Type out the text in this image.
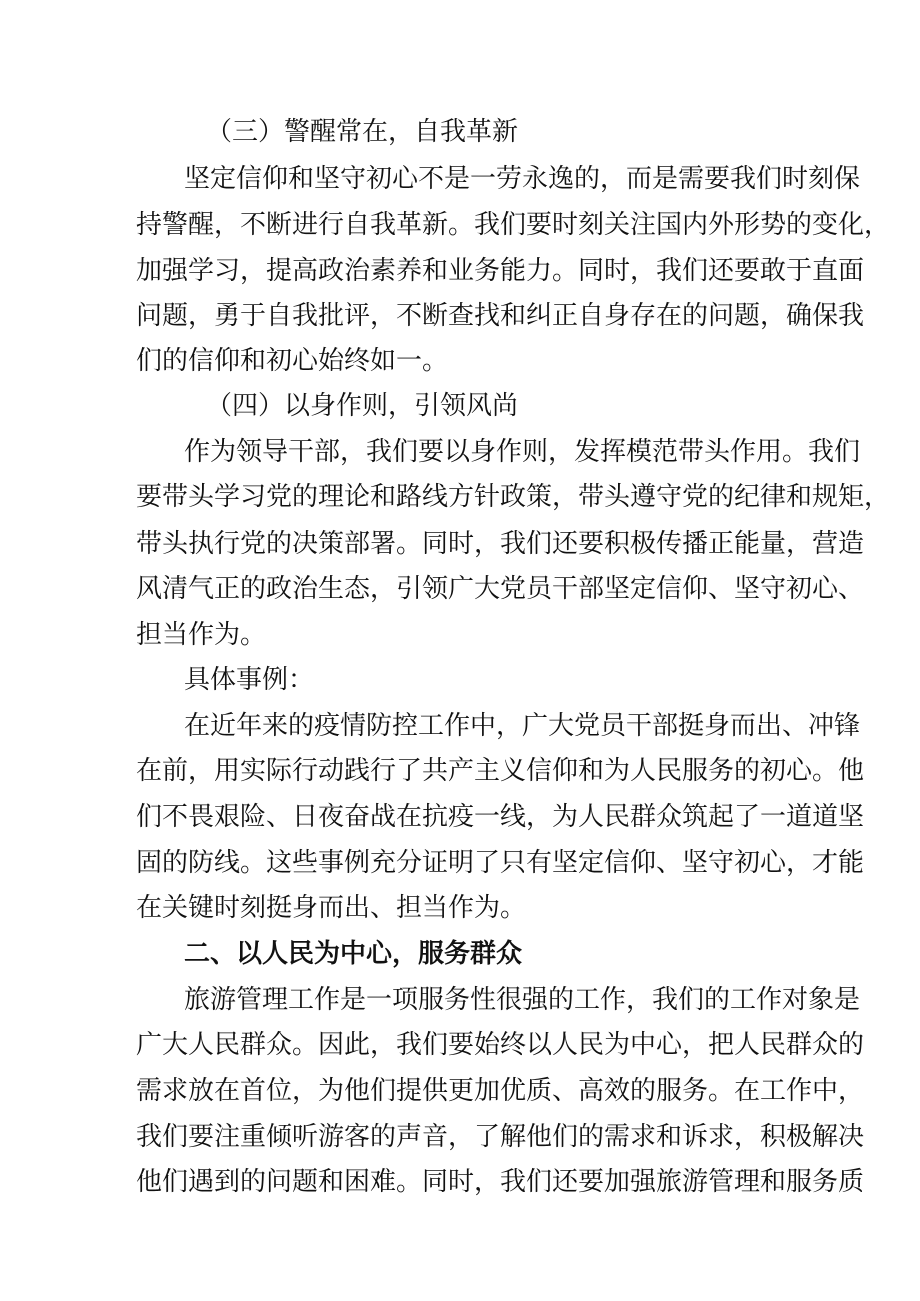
（三）警醒常在，自我革新
坚定信仰和坚守初心不是一劳永逸的，而是需要我们时刻保
持警醒，不断进行自我革新。我们要时刻关注国内外形势的变化，
加强学习，提高政治素养和业务能力。同时，我们还要敢于直面
问题，勇于自我批评，不断查找和纠正自身存在的问题，确保我
们的信仰和初心始终如一。
（四）以身作则，引领风尚
作为领导干部，我们要以身作则，发挥模范带头作用。我们
要带头学习党的理论和路线方针政策，带头遵守党的纪律和规矩，
带头执行党的决策部署。同时，我们还要积极传播正能量，营造
风清气正的政治生态，引领广大党员干部坚定信仰、坚守初心、
担当作为。
具体事例：
在近年来的疫情防控工作中，广大党员干部挺身而出、冲锋
在前，用实际行动践行了共产主义信仰和为人民服务的初心。他
们不畏艰险、日夜奋战在抗疫一线，为人民群众筑起了一道道坚
固的防线。这些事例充分证明了只有坚定信仰、坚守初心，才能
在关键时刻挺身而出、担当作为。
二、以人民为中心，服务群众
旅游管理工作是一项服务性很强的工作，我们的工作对象是
广大人民群众。因此，我们要始终以人民为中心，把人民群众的
需求放在首位，为他们提供更加优质、高效的服务。在工作中，
我们要注重倾听游客的声音，了解他们的需求和诉求，积极解决
他们遇到的问题和困难。同时，我们还要加强旅游管理和服务质
